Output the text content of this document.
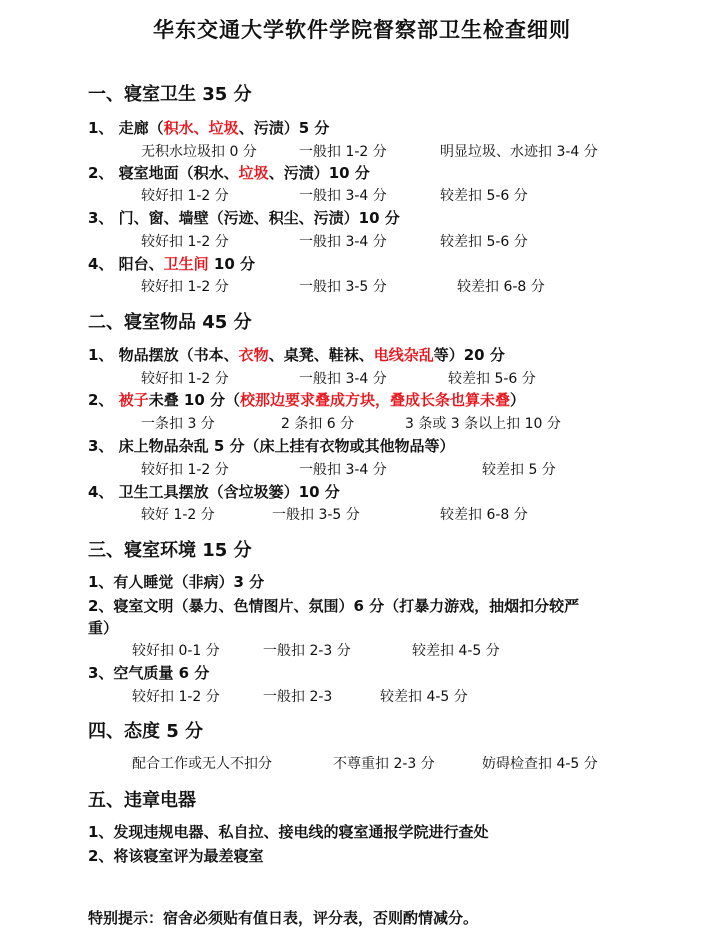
华东交通大学软件学院督察部卫生检查细则
一、寝室卫生 35 分
1、 走廊（积水、垃圾、污渍）5 分
无积水垃圾扣 0 分	一般扣 1-2 分	明显垃圾、水迹扣 3-4 分
2、 寝室地面（积水、垃圾、污渍）10 分
较好扣 1-2 分	一般扣 3-4 分	较差扣 5-6 分
3、 门、窗、墙壁（污迹、积尘、污渍）10 分
较好扣 1-2 分	一般扣 3-4 分	较差扣 5-6 分
4、 阳台、卫生间 10 分
较好扣 1-2 分	一般扣 3-5 分	较差扣 6-8 分
二、寝室物品 45 分
1、 物品摆放（书本、衣物、桌凳、鞋袜、电线杂乱等）20 分
较好扣 1-2 分	一般扣 3-4 分	较差扣 5-6 分
2、 被子未叠 10 分（校那边要求叠成方块，叠成长条也算未叠）
一条扣 3 分	2 条扣 6 分	3 条或 3 条以上扣 10 分
3、 床上物品杂乱 5 分（床上挂有衣物或其他物品等）
较好扣 1-2 分	一般扣 3-4 分	较差扣 5 分
4、 卫生工具摆放（含垃圾篓）10 分
较好 1-2 分	一般扣 3-5 分	较差扣 6-8 分
三、寝室环境 15 分
1、有人睡觉（非病）3 分
2、寝室文明（暴力、色情图片、氛围）6 分（打暴力游戏，抽烟扣分较严
重）
较好扣 0-1 分	一般扣 2-3 分	较差扣 4-5 分
3、空气质量 6 分
较好扣 1-2 分	一般扣 2-3	较差扣 4-5 分
四、态度 5 分
配合工作或无人不扣分	不尊重扣 2-3 分	妨碍检查扣 4-5 分
五、违章电器
1、发现违规电器、私自拉、接电线的寝室通报学院进行查处
2、将该寝室评为最差寝室
特别提示：宿舍必须贴有值日表，评分表，否则酌情减分。
